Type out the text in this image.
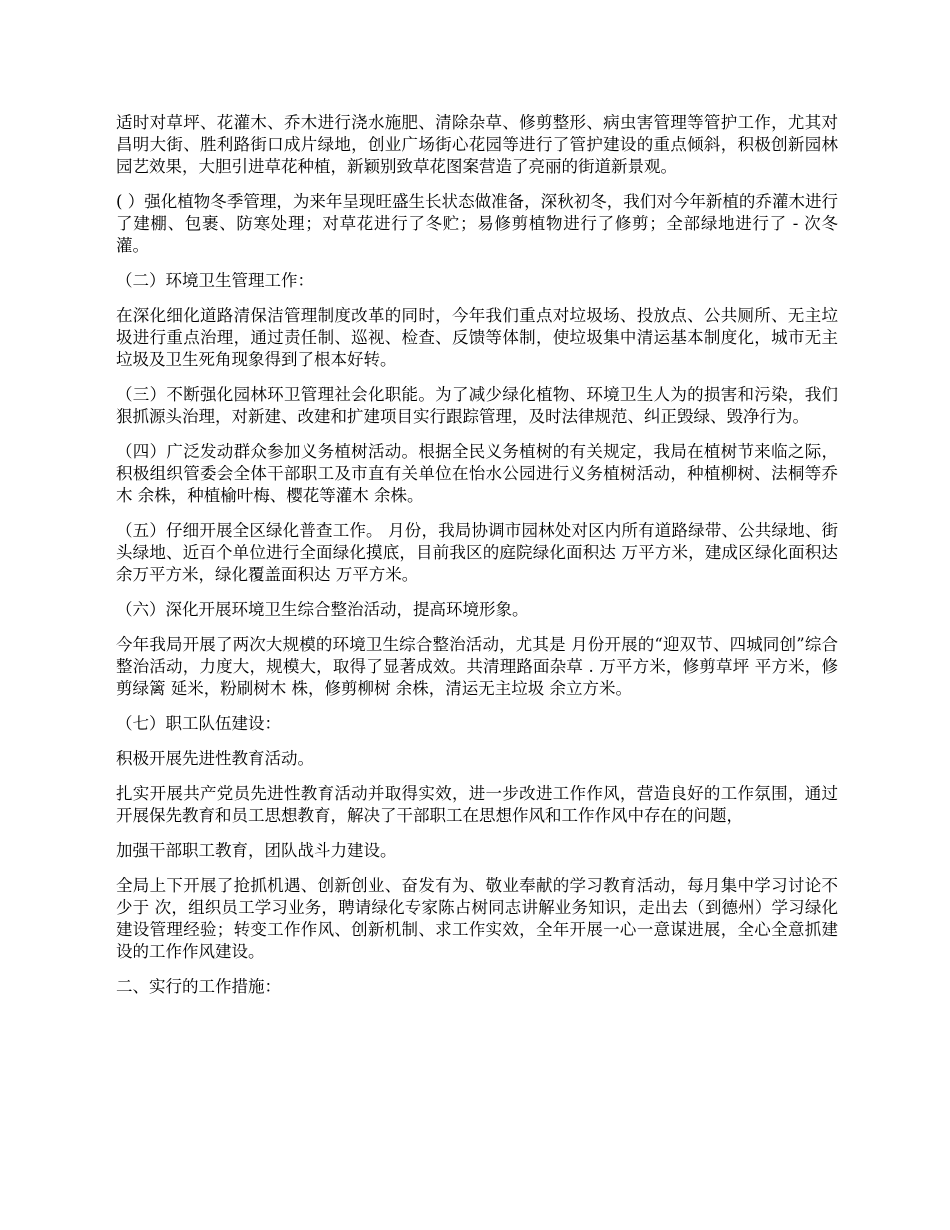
适时对草坪、花灌木、乔木进行浇水施肥、清除杂草、修剪整形、病虫害管理等管护工作，尤其对昌明大街、胜利路街口成片绿地，创业广场街心花园等进行了管护建设的重点倾斜，积极创新园林园艺效果，大胆引进草花种植，新颖别致草花图案营造了亮丽的街道新景观。

( ）强化植物冬季管理，为来年呈现旺盛生长状态做准备，深秋初冬，我们对今年新植的乔灌木进行了建棚、包裹、防寒处理；对草花进行了冬贮；易修剪植物进行了修剪；全部绿地进行了 - 次冬灌。

（二）环境卫生管理工作：

在深化细化道路清保洁管理制度改革的同时，今年我们重点对垃圾场、投放点、公共厕所、无主垃圾进行重点治理，通过责任制、巡视、检查、反馈等体制，使垃圾集中清运基本制度化，城市无主垃圾及卫生死角现象得到了根本好转。

（三）不断强化园林环卫管理社会化职能。为了减少绿化植物、环境卫生人为的损害和污染，我们狠抓源头治理，对新建、改建和扩建项目实行跟踪管理，及时法律规范、纠正毁绿、毁净行为。

（四）广泛发动群众参加义务植树活动。根据全民义务植树的有关规定，我局在植树节来临之际，积极组织管委会全体干部职工及市直有关单位在怡水公园进行义务植树活动，种植柳树、法桐等乔木 余株，种植榆叶梅、樱花等灌木 余株。

（五）仔细开展全区绿化普查工作。 月份，我局协调市园林处对区内所有道路绿带、公共绿地、街头绿地、近百个单位进行全面绿化摸底，目前我区的庭院绿化面积达 万平方米，建成区绿化面积达 余万平方米，绿化覆盖面积达 万平方米。

（六）深化开展环境卫生综合整治活动，提高环境形象。

今年我局开展了两次大规模的环境卫生综合整治活动，尤其是 月份开展的“迎双节、四城同创”综合整治活动，力度大，规模大，取得了显著成效。共清理路面杂草 . 万平方米，修剪草坪 平方米，修剪绿篱 延米，粉刷树木 株，修剪柳树 余株，清运无主垃圾 余立方米。

（七）职工队伍建设：

积极开展先进性教育活动。

扎实开展共产党员先进性教育活动并取得实效，进一步改进工作作风，营造良好的工作氛围，通过开展保先教育和员工思想教育，解决了干部职工在思想作风和工作作风中存在的问题，

加强干部职工教育，团队战斗力建设。

全局上下开展了抢抓机遇、创新创业、奋发有为、敬业奉献的学习教育活动，每月集中学习讨论不少于 次，组织员工学习业务，聘请绿化专家陈占树同志讲解业务知识，走出去（到德州）学习绿化建设管理经验；转变工作作风、创新机制、求工作实效，全年开展一心一意谋进展，全心全意抓建设的工作作风建设。

二、实行的工作措施：
